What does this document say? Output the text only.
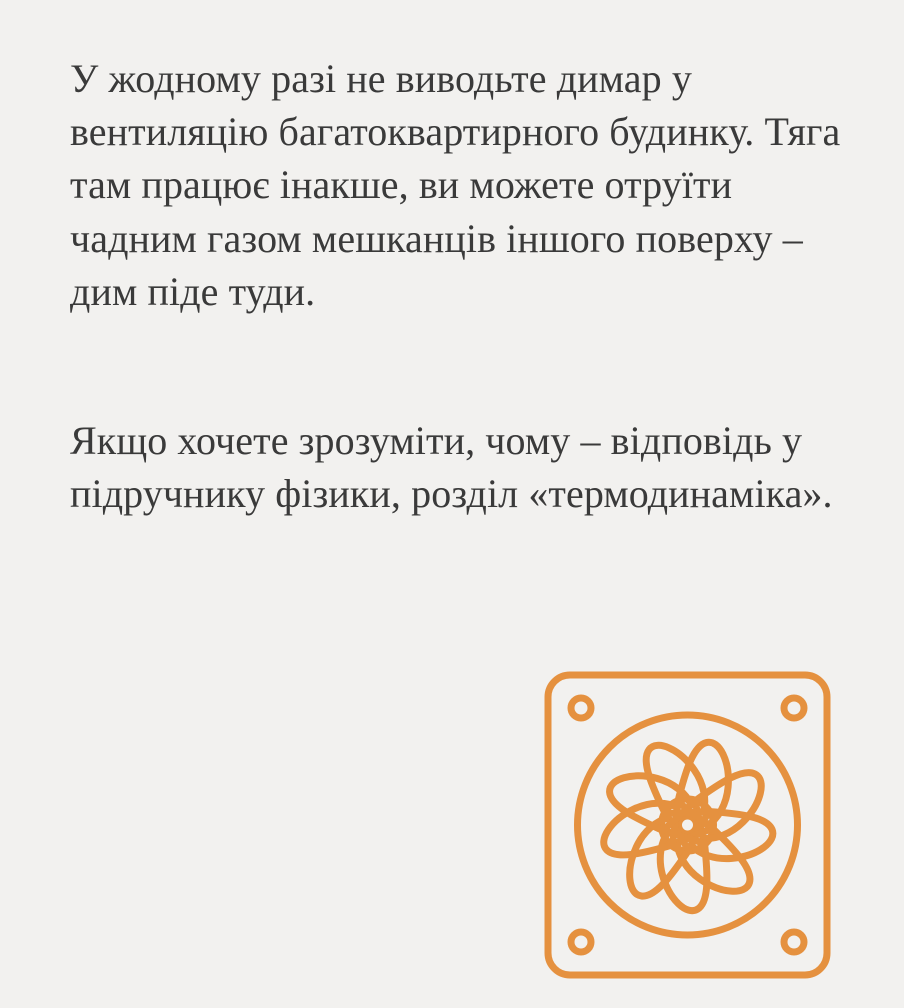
У жодному разі не виводьте димар у вентиляцію багатоквартирного будинку. Тяга там працює інакше, ви можете отруїти чадним газом мешканців іншого поверху – дим піде туди.

Якщо хочете зрозуміти, чому – відповідь у підручнику фізики, розділ «термодинаміка».
